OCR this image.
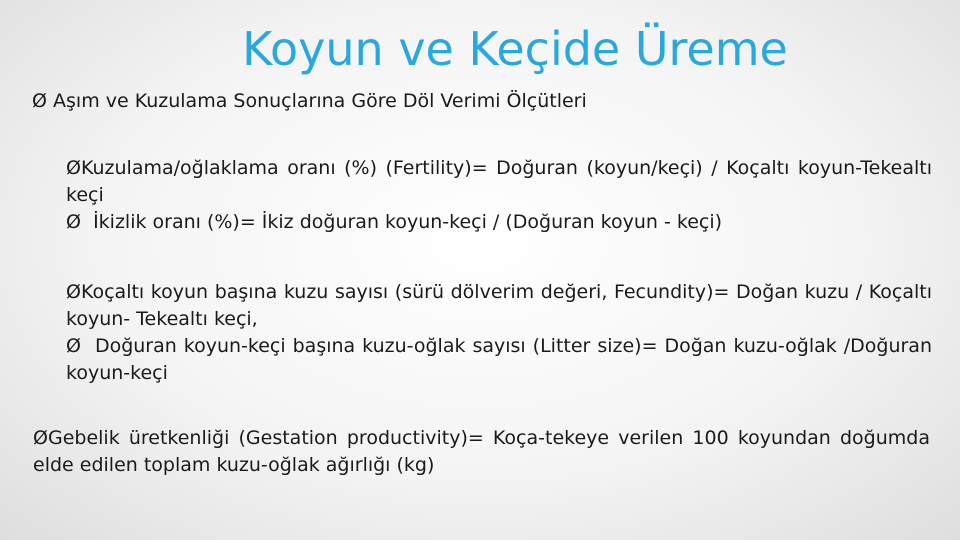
Koyun ve Keçide Üreme
Ø Aşım ve Kuzulama Sonuçlarına Göre Döl Verimi Ölçütleri
ØKuzulama/oğlaklama oranı (%) (Fertility)= Doğuran (koyun/keçi) / Koçaltı koyun-Tekealtı keçi
Ø İkizlik oranı (%)= İkiz doğuran koyun-keçi / (Doğuran koyun - keçi)
ØKoçaltı koyun başına kuzu sayısı (sürü dölverim değeri, Fecundity)= Doğan kuzu / Koçaltı koyun- Tekealtı keçi,
Ø Doğuran koyun-keçi başına kuzu-oğlak sayısı (Litter size)= Doğan kuzu-oğlak /Doğuran koyun-keçi
ØGebelik üretkenliği (Gestation productivity)= Koça-tekeye verilen 100 koyundan doğumda elde edilen toplam kuzu-oğlak ağırlığı (kg)
